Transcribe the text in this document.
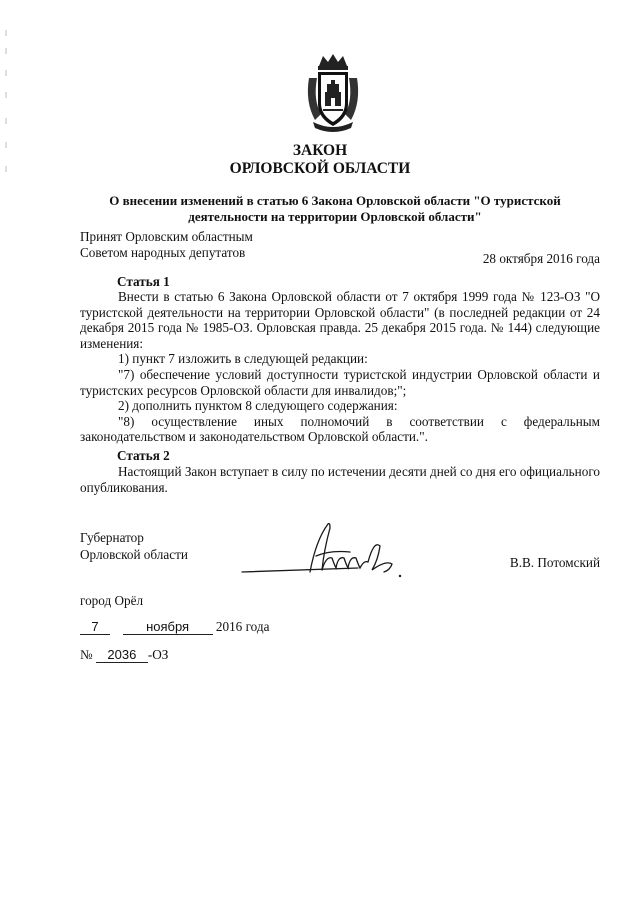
ЗАКОН
ОРЛОВСКОЙ ОБЛАСТИ
О внесении изменений в статью 6 Закона Орловской области "О туристской деятельности на территории Орловской области"
Принят Орловским областным
Советом народных депутатов	28 октября 2016 года
Статья 1

Внести в статью 6 Закона Орловской области от 7 октября 1999 года № 123-ОЗ "О туристской деятельности на территории Орловской области" (в последней редакции от 24 декабря 2015 года № 1985-ОЗ. Орловская правда. 25 декабря 2015 года. № 144) следующие изменения:

1) пункт 7 изложить в следующей редакции:

"7) обеспечение условий доступности туристской индустрии Орловской области и туристских ресурсов Орловской области для инвалидов;";

2) дополнить пунктом 8 следующего содержания:

"8) осуществление иных полномочий в соответствии с федеральным законодательством и законодательством Орловской области.".

Статья 2

Настоящий Закон вступает в силу по истечении десяти дней со дня его официального опубликования.

Губернатор
Орловской области
В.В. Потомский
город Орёл
7	ноября 2016 года
№ 2036 -ОЗ
